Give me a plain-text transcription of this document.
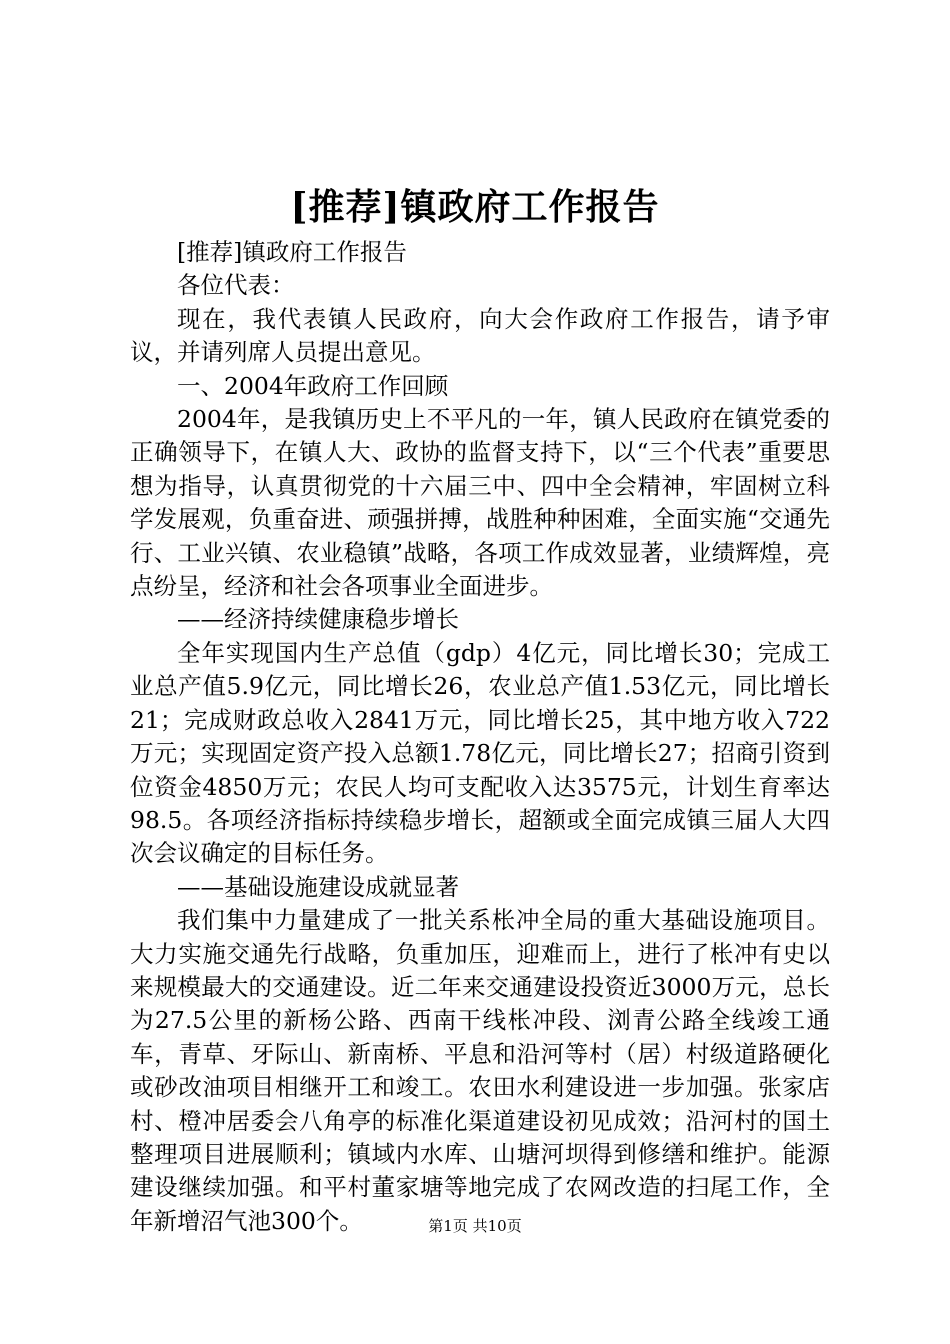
[推荐]镇政府工作报告

[推荐]镇政府工作报告

各位代表：

现在，我代表镇人民政府，向大会作政府工作报告，请予审议，并请列席人员提出意见。

一、2004年政府工作回顾

2004年，是我镇历史上不平凡的一年，镇人民政府在镇党委的正确领导下，在镇人大、政协的监督支持下，以“三个代表”重要思想为指导，认真贯彻党的十六届三中、四中全会精神，牢固树立科学发展观，负重奋进、顽强拼搏，战胜种种困难，全面实施“交通先行、工业兴镇、农业稳镇”战略，各项工作成效显著，业绩辉煌，亮点纷呈，经济和社会各项事业全面进步。

——经济持续健康稳步增长

全年实现国内生产总值（gdp）4亿元，同比增长30；完成工业总产值5.9亿元，同比增长26，农业总产值1.53亿元，同比增长21；完成财政总收入2841万元，同比增长25，其中地方收入722万元；实现固定资产投入总额1.78亿元，同比增长27；招商引资到位资金4850万元；农民人均可支配收入达3575元，计划生育率达98.5。各项经济指标持续稳步增长，超额或全面完成镇三届人大四次会议确定的目标任务。

——基础设施建设成就显著

我们集中力量建成了一批关系枨冲全局的重大基础设施项目。大力实施交通先行战略，负重加压，迎难而上，进行了枨冲有史以来规模最大的交通建设。近二年来交通建设投资近3000万元，总长为27.5公里的新杨公路、西南干线枨冲段、浏青公路全线竣工通车，青草、牙际山、新南桥、平息和沿河等村（居）村级道路硬化或砂改油项目相继开工和竣工。农田水利建设进一步加强。张家店村、橙冲居委会八角亭的标准化渠道建设初见成效；沿河村的国土整理项目进展顺利；镇域内水库、山塘河坝得到修缮和维护。能源建设继续加强。和平村董家塘等地完成了农网改造的扫尾工作，全年新增沼气池300个。	第1页 共10页
